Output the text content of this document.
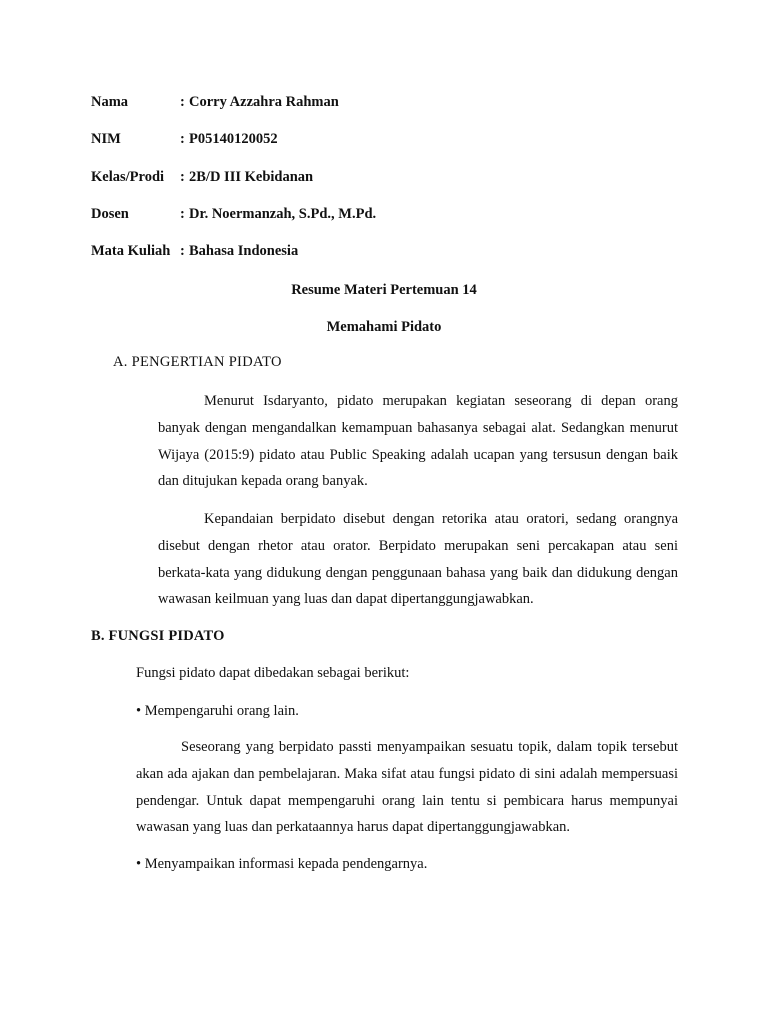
Nama	: Corry Azzahra Rahman
NIM	: P05140120052
Kelas/Prodi	: 2B/D III Kebidanan
Dosen	: Dr. Noermanzah, S.Pd., M.Pd.
Mata Kuliah : Bahasa Indonesia
Resume Materi Pertemuan 14
Memahami Pidato
A. PENGERTIAN PIDATO
Menurut Isdaryanto, pidato merupakan kegiatan seseorang di depan orang banyak dengan mengandalkan kemampuan bahasanya sebagai alat. Sedangkan menurut Wijaya (2015:9) pidato atau Public Speaking adalah ucapan yang tersusun dengan baik dan ditujukan kepada orang banyak.
Kepandaian berpidato disebut dengan retorika atau oratori, sedang orangnya disebut dengan rhetor atau orator. Berpidato merupakan seni percakapan atau seni berkata-kata yang didukung dengan penggunaan bahasa yang baik dan didukung dengan wawasan keilmuan yang luas dan dapat dipertanggungjawabkan.
B. FUNGSI PIDATO
Fungsi pidato dapat dibedakan sebagai berikut:
• Mempengaruhi orang lain.
Seseorang yang berpidato passti menyampaikan sesuatu topik, dalam topik tersebut akan ada ajakan dan pembelajaran. Maka sifat atau fungsi pidato di sini adalah mempersuasi pendengar. Untuk dapat mempengaruhi orang lain tentu si pembicara harus mempunyai wawasan yang luas dan perkataannya harus dapat dipertanggungjawabkan.
• Menyampaikan informasi kepada pendengarnya.
